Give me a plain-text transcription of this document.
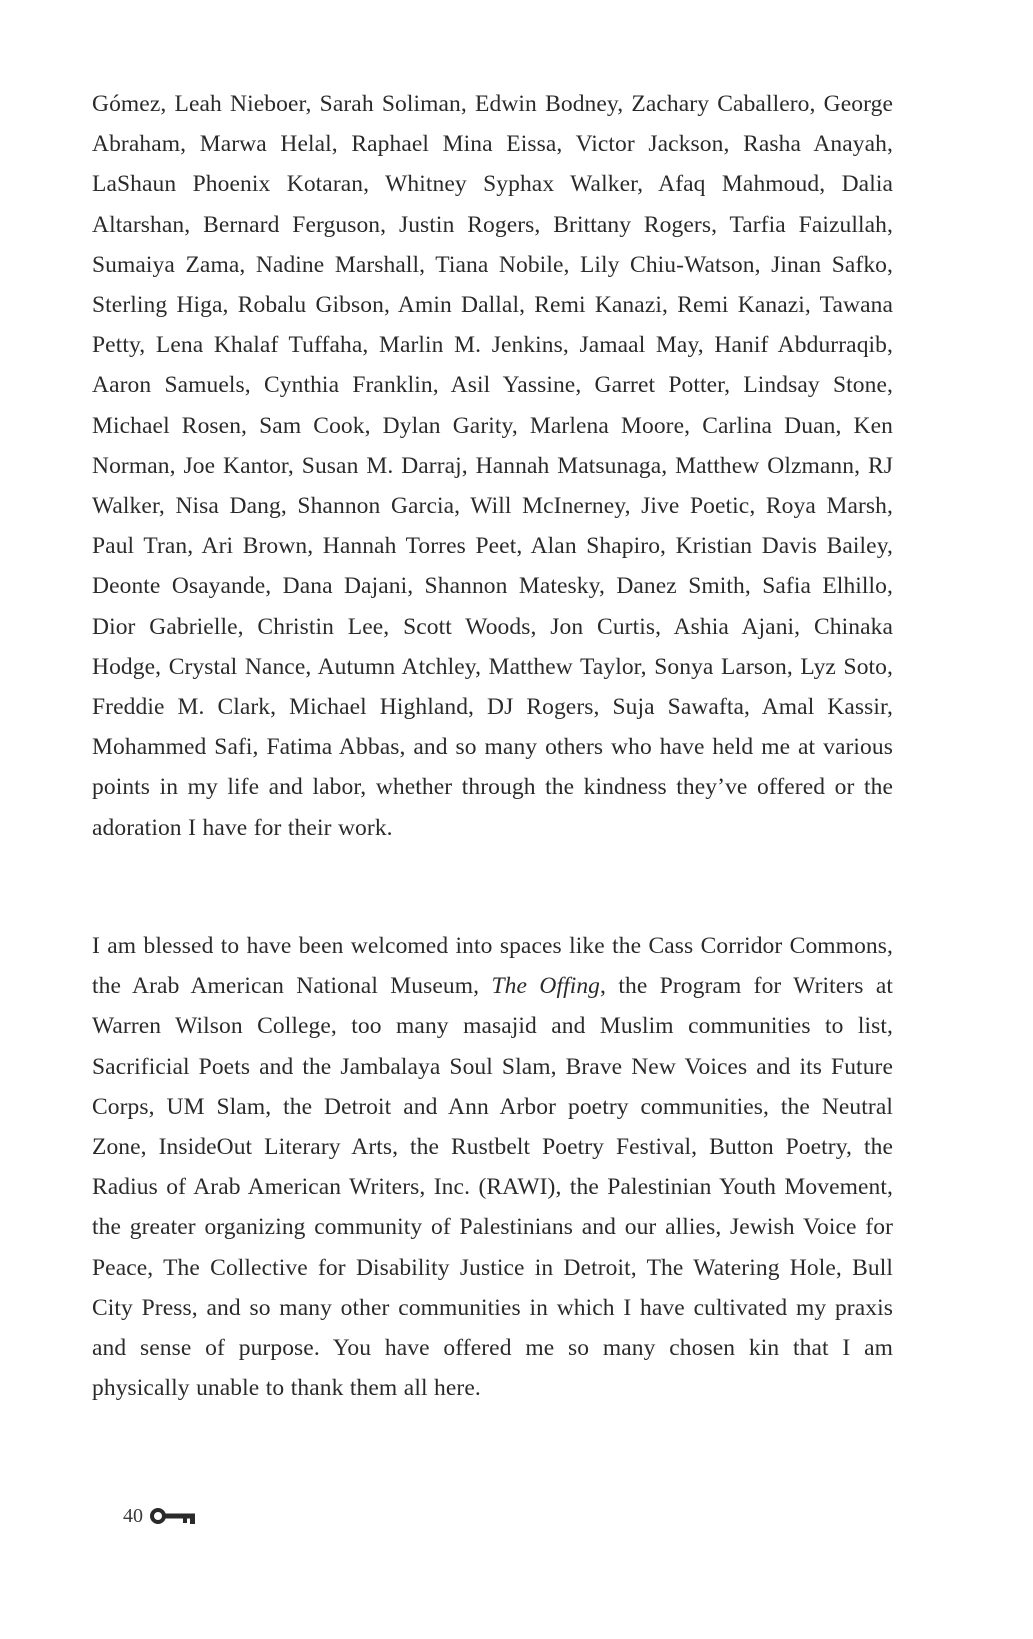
Gómez, Leah Nieboer, Sarah Soliman, Edwin Bodney, Zachary Caballero, George Abraham, Marwa Helal, Raphael Mina Eissa, Victor Jackson, Rasha Anayah, LaShaun Phoenix Kotaran, Whitney Syphax Walker, Afaq Mahmoud, Dalia Altarshan, Bernard Ferguson, Justin Rogers, Brittany Rogers, Tarfia Faizullah, Sumaiya Zama, Nadine Marshall, Tiana Nobile, Lily Chiu-Watson, Jinan Safko, Sterling Higa, Robalu Gibson, Amin Dallal, Remi Kanazi, Remi Kanazi, Tawana Petty, Lena Khalaf Tuffaha, Marlin M. Jenkins, Jamaal May, Hanif Abdurraqib, Aaron Samuels, Cynthia Franklin, Asil Yassine, Garret Potter, Lindsay Stone, Michael Rosen, Sam Cook, Dylan Garity, Marlena Moore, Carlina Duan, Ken Norman, Joe Kantor, Susan M. Darraj, Hannah Matsunaga, Matthew Olzmann, RJ Walker, Nisa Dang, Shannon Garcia, Will McInerney, Jive Poetic, Roya Marsh, Paul Tran, Ari Brown, Hannah Torres Peet, Alan Shapiro, Kristian Davis Bailey, Deonte Osayande, Dana Dajani, Shannon Matesky, Danez Smith, Safia Elhillo, Dior Gabrielle, Christin Lee, Scott Woods, Jon Curtis, Ashia Ajani, Chinaka Hodge, Crystal Nance, Autumn Atchley, Matthew Taylor, Sonya Larson, Lyz Soto, Freddie M. Clark, Michael Highland, DJ Rogers, Suja Sawafta, Amal Kassir, Mohammed Safi, Fatima Abbas, and so many others who have held me at various points in my life and labor, whether through the kindness they’ve offered or the adoration I have for their work.

I am blessed to have been welcomed into spaces like the Cass Corridor Commons, the Arab American National Museum, The Offing, the Program for Writers at Warren Wilson College, too many masajid and Muslim communities to list, Sacrificial Poets and the Jambalaya Soul Slam, Brave New Voices and its Future Corps, UM Slam, the Detroit and Ann Arbor poetry communities, the Neutral Zone, InsideOut Literary Arts, the Rustbelt Poetry Festival, Button Poetry, the Radius of Arab American Writers, Inc. (RAWI), the Palestinian Youth Movement, the greater organizing community of Palestinians and our allies, Jewish Voice for Peace, The Collective for Disability Justice in Detroit, The Watering Hole, Bull City Press, and so many other communities in which I have cultivated my praxis and sense of purpose. You have offered me so many chosen kin that I am physically unable to thank them all here.

40
